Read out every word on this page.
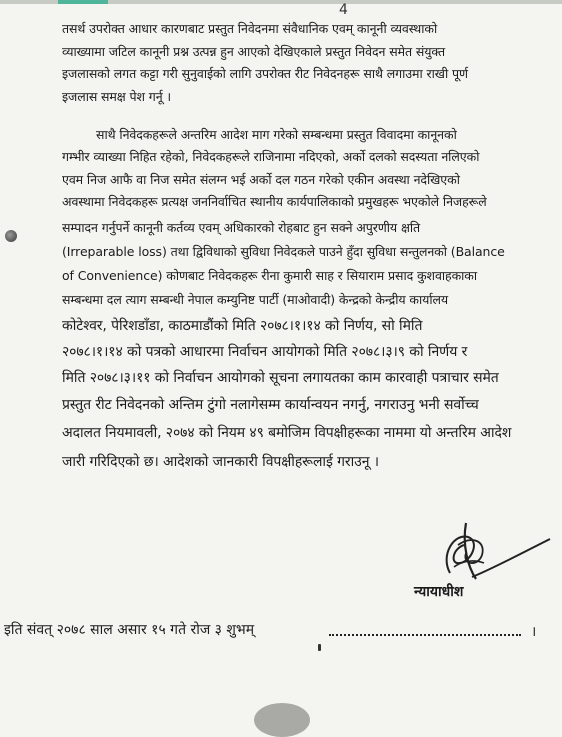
4
तसर्थ उपरोक्त आधार कारणबाट प्रस्तुत निवेदनमा संवैधानिक एवम् कानूनी व्यवस्थाको
व्याख्यामा जटिल कानूनी प्रश्न उत्पन्न हुन आएको देखिएकाले प्रस्तुत निवेदन समेत संयुक्त
इजलासको लगत कट्टा गरी सुनुवाईको लागि उपरोक्त रीट निवेदनहरू साथै लगाउमा राखी पूर्ण
इजलास समक्ष पेश गर्नू ।
साथै निवेदकहरूले अन्तरिम आदेश माग गरेको सम्बन्धमा प्रस्तुत विवादमा कानूनको
गम्भीर व्याख्या निहित रहेको, निवेदकहरूले राजिनामा नदिएको, अर्को दलको सदस्यता नलिएको
एवम निज आफै वा निज समेत संलग्न भई अर्को दल गठन गरेको एकीन अवस्था नदेखिएको
अवस्थामा निवेदकहरू प्रत्यक्ष जननिर्वाचित स्थानीय कार्यपालिकाको प्रमुखहरू भएकोले निजहरूले
सम्पादन गर्नुपर्ने कानूनी कर्तव्य एवम् अधिकारको रोहबाट हुन सक्ने अपुरणीय क्षति
(Irreparable loss) तथा द्विविधाको सुविधा निवेदकले पाउने हुँदा सुविधा सन्तुलनको (Balance
of Convenience) कोणबाट निवेदकहरू रीना कुमारी साह र सियाराम प्रसाद कुशवाहकाका
सम्बन्धमा दल त्याग सम्बन्धी नेपाल कम्युनिष्ट पार्टी (माओवादी) केन्द्रको केन्द्रीय कार्यालय
कोटेश्वर, पेरिशडाँडा, काठमाडौंको मिति २०७८।१।१४ को निर्णय, सो मिति
२०७८।१।१४ को पत्रको आधारमा निर्वाचन आयोगको मिति २०७८।३।९ को निर्णय र
मिति २०७८।३।११ को निर्वाचन आयोगको सूचना लगायतका काम कारवाही पत्राचार समेत
प्रस्तुत रीट निवेदनको अन्तिम टुंगो नलागेसम्म कार्यान्वयन नगर्नु, नगराउनु भनी सर्वोच्च
अदालत नियमावली, २०७४ को नियम ४९ बमोजिम विपक्षीहरूका नाममा यो अन्तरिम आदेश
जारी गरिदिएको छ। आदेशको जानकारी विपक्षीहरूलाई गराउनू ।
न्यायाधीश
इति संवत् २०७८ साल असार १५ गते रोज ३ शुभम्	।
